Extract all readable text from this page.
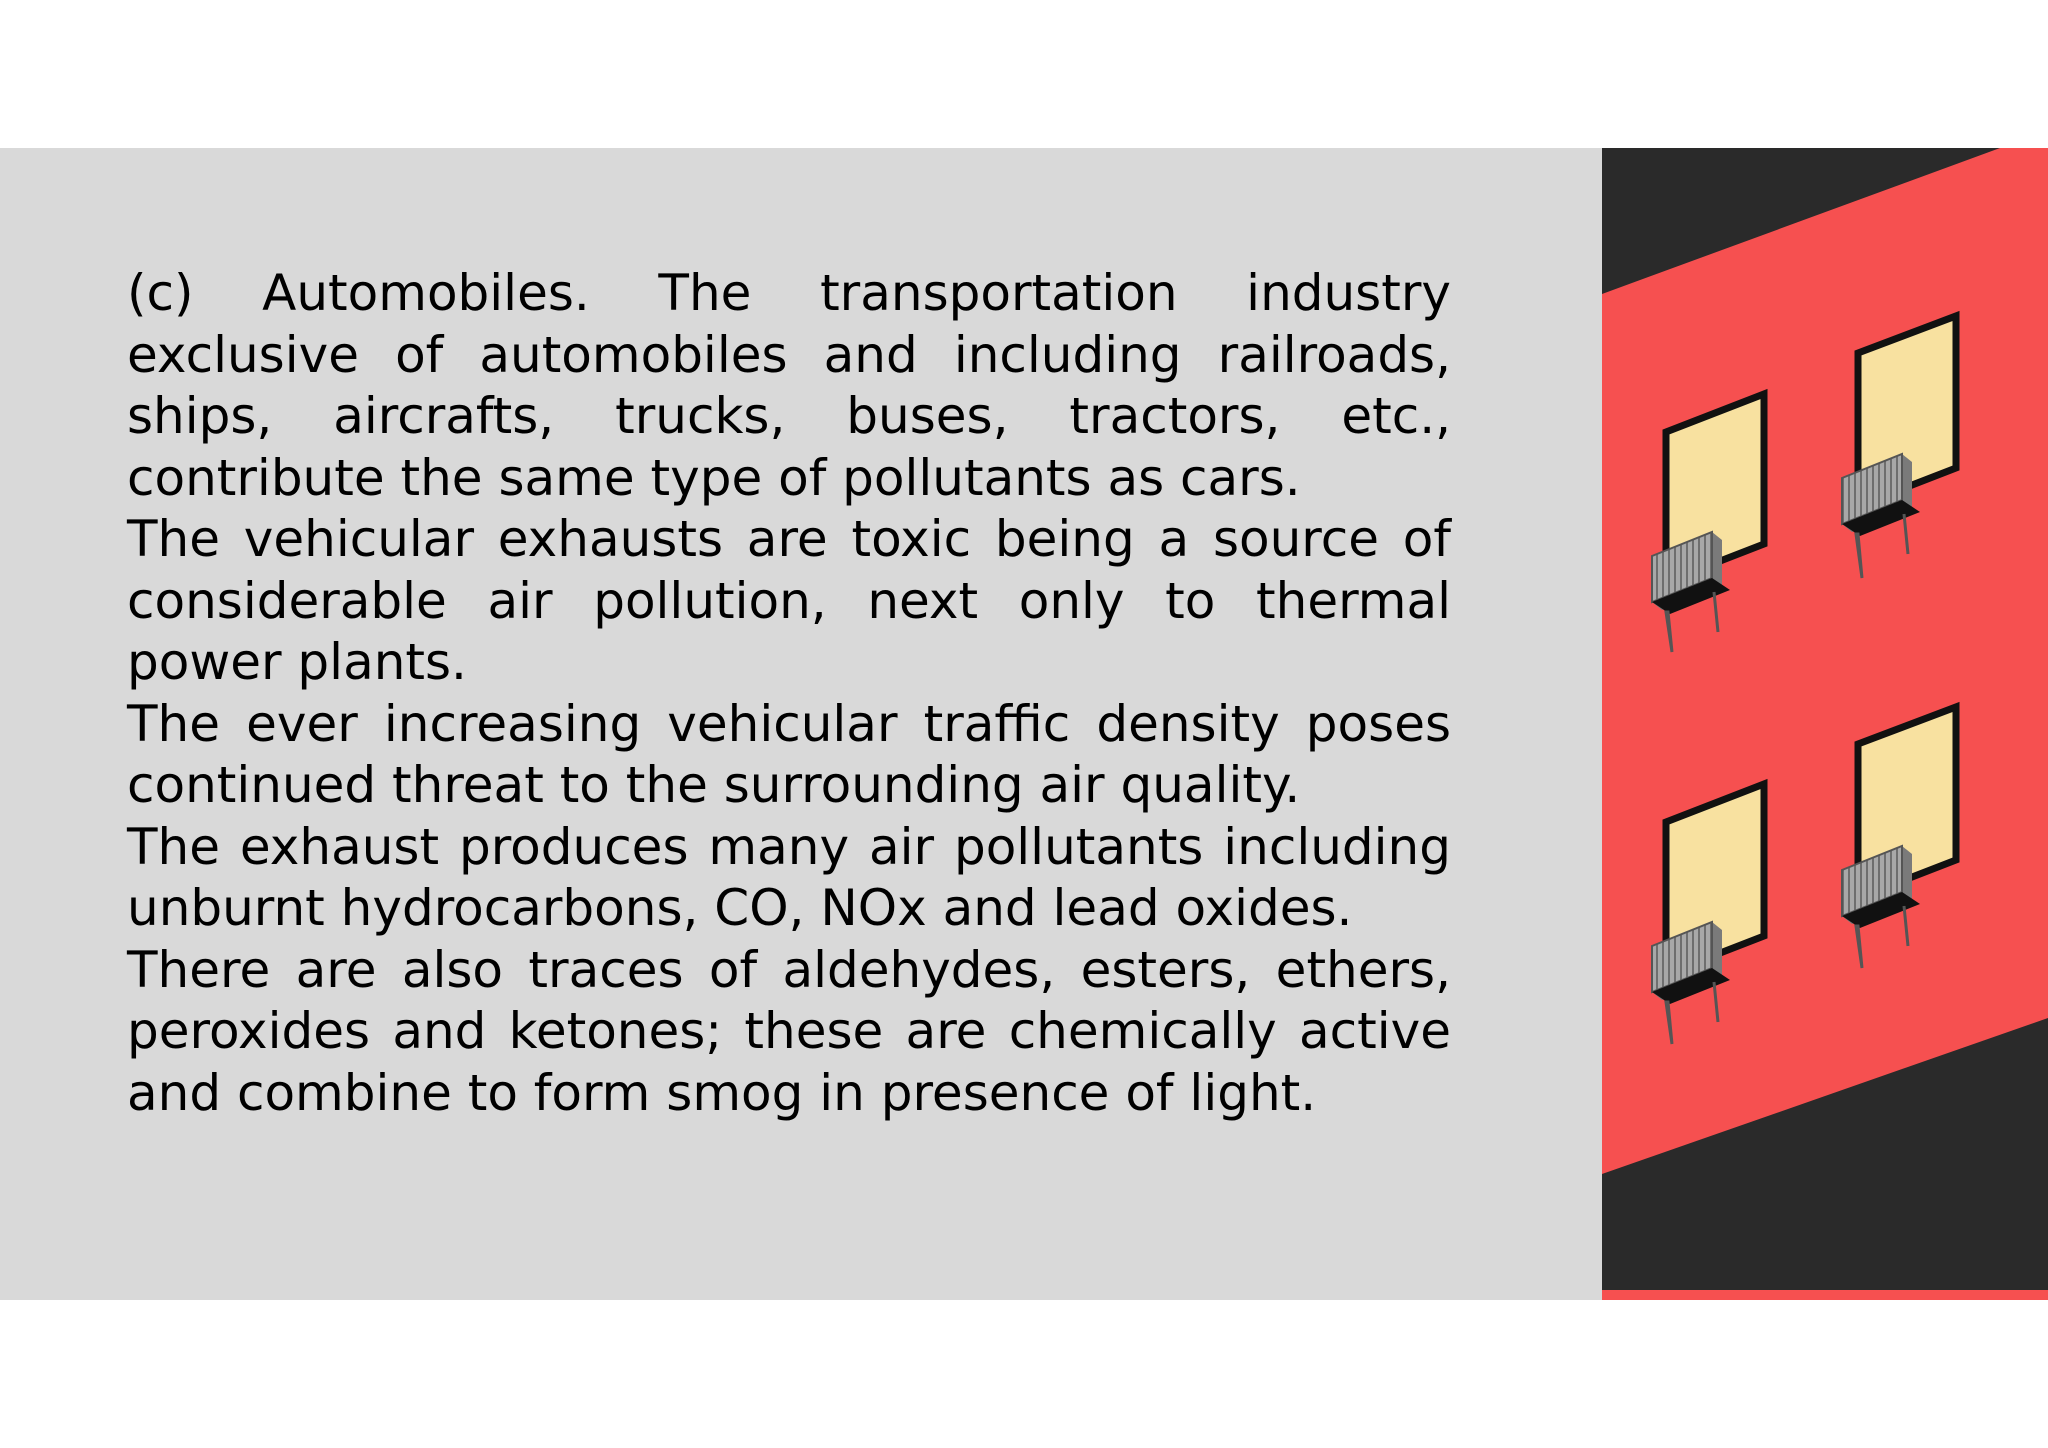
(c) Automobiles. The transportation industry exclusive of automobiles and including railroads, ships, aircrafts, trucks, buses, tractors, etc., contribute the same type of pollutants as cars.

The vehicular exhausts are toxic being a source of considerable air pollution, next only to thermal power plants.

The ever increasing vehicular traffic density poses continued threat to the surrounding air quality.

The exhaust produces many air pollutants including unburnt hydrocarbons, CO, NOx and lead oxides.

There are also traces of aldehydes, esters, ethers, peroxides and ketones; these are chemically active and combine to form smog in presence of light.
